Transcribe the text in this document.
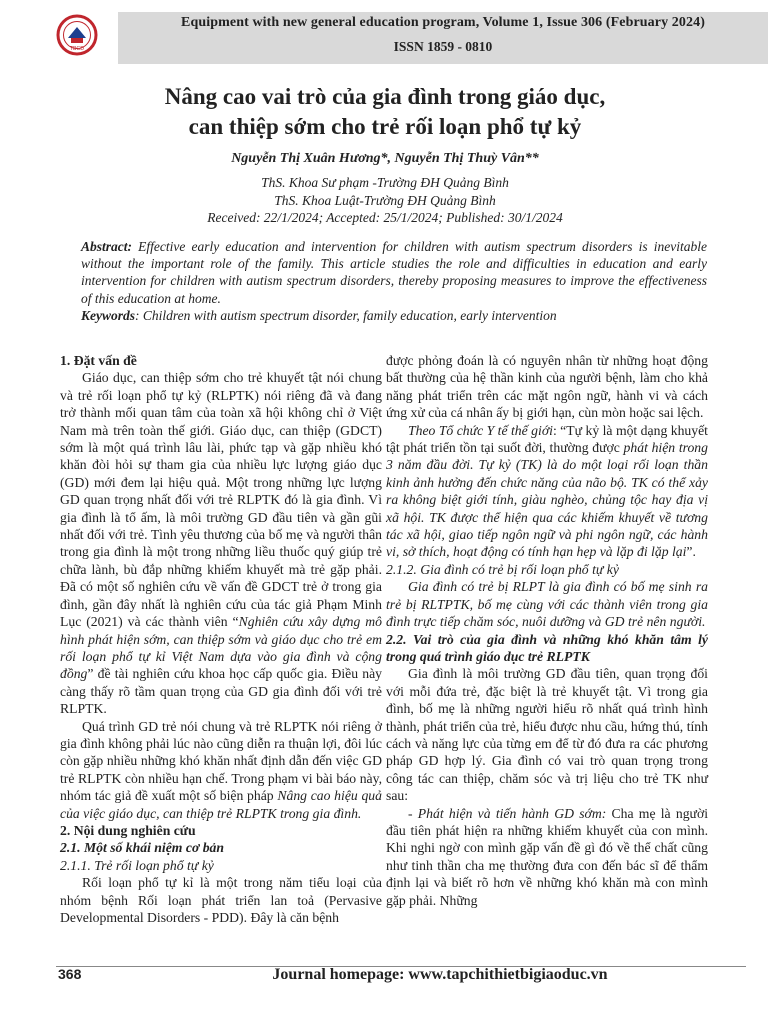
TBGD
Equipment with new general education program, Volume 1, Issue 306 (February 2024)
ISSN 1859 - 0810
Nâng cao vai trò của gia đình trong giáo dục,
can thiệp sớm cho trẻ rối loạn phổ tự kỷ
Nguyễn Thị Xuân Hương*, Nguyễn Thị Thuỳ Vân**
ThS. Khoa Sư phạm -Trường ĐH Quảng Bình
ThS. Khoa Luật-Trường ĐH Quảng Bình
Received: 22/1/2024; Accepted: 25/1/2024; Published: 30/1/2024

Abstract: Effective early education and intervention for children with autism spectrum disorders is inevitable without the important role of the family. This article studies the role and difficulties in education and early intervention for children with autism spectrum disorders, thereby proposing measures to improve the effectiveness of this education at home.

Keywords: Children with autism spectrum disorder, family education, early intervention

1. Đặt vấn đề

Giáo dục, can thiệp sớm cho trẻ khuyết tật nói chung và trẻ rối loạn phổ tự kỷ (RLPTK) nói riêng đã và đang trở thành mối quan tâm của toàn xã hội không chỉ ở Việt Nam mà trên toàn thế giới. Giáo dục, can thiệp (GDCT) sớm là một quá trình lâu lài, phức tạp và gặp nhiều khó khăn đòi hỏi sự tham gia của nhiều lực lượng giáo dục (GD) mới đem lại hiệu quả. Một trong những lực lượng GD quan trọng nhất đối với trẻ RLPTK đó là gia đình. Vì gia đình là tổ ấm, là môi trường GD đầu tiên và gần gũi nhất đối với trẻ. Tình yêu thương của bố mẹ và người thân trong gia đình là một trong những liều thuốc quý giúp trẻ chữa lành, bù đắp những khiếm khuyết mà trẻ gặp phải. Đã có một số nghiên cứu về vấn đề GDCT trẻ ở trong gia đình, gần đây nhất là nghiên cứu của tác giả Phạm Minh Lục (2021) và các thành viên “Nghiên cứu xây dựng mô hình phát hiện sớm, can thiệp sớm và giáo dục cho trẻ em rối loạn phổ tự kỉ Việt Nam dựa vào gia đình và cộng đồng” đề tài nghiên cứu khoa học cấp quốc gia. Điều này càng thấy rõ tầm quan trọng của GD gia đình đối với trẻ RLPTK.

Quá trình GD trẻ nói chung và trẻ RLPTK nói riêng ở gia đình không phải lúc nào cũng diễn ra thuận lợi, đôi lúc còn gặp nhiều những khó khăn nhất định dẫn đến việc GD trẻ RLPTK còn nhiều hạn chế. Trong phạm vi bài báo này, nhóm tác giả đề xuất một số biện pháp Nâng cao hiệu quả của việc giáo dục, can thiệp trẻ RLPTK trong gia đình.

2. Nội dung nghiên cứu

2.1. Một số khái niệm cơ bản

2.1.1. Trẻ rối loạn phổ tự kỷ

Rối loạn phổ tự kỉ là một trong năm tiểu loại của nhóm bệnh Rối loạn phát triển lan toả (Pervasive Developmental Disorders - PDD). Đây là căn bệnh

được phỏng đoán là có nguyên nhân từ những hoạt động bất thường của hệ thần kinh của người bệnh, làm cho khả năng phát triển trên các mặt ngôn ngữ, hành vi và cách ứng xử của cá nhân ấy bị giới hạn, cùn mòn hoặc sai lệch.

Theo Tổ chức Y tế thế giới: “Tự kỷ là một dạng khuyết tật phát triển tồn tại suốt đời, thường được phát hiện trong 3 năm đầu đời. Tự kỷ (TK) là do một loại rối loạn thần kinh ảnh hưởng đến chức năng của não bộ. TK có thể xảy ra không biệt giới tính, giàu nghèo, chủng tộc hay địa vị xã hội. TK được thể hiện qua các khiếm khuyết về tương tác xã hội, giao tiếp ngôn ngữ và phi ngôn ngữ, các hành vi, sở thích, hoạt động có tính hạn hẹp và lặp đi lặp lại”.

2.1.2. Gia đình có trẻ bị rối loạn phổ tự kỷ

Gia đình có trẻ bị RLPT là gia đình có bố mẹ sinh ra trẻ bị RLTPTK, bố mẹ cùng với các thành viên trong gia đình trực tiếp chăm sóc, nuôi dưỡng và GD trẻ nên người.

2.2. Vai trò của gia đình và những khó khăn tâm lý trong quá trình giáo dục trẻ RLPTK

Gia đình là môi trường GD đầu tiên, quan trọng đối với mỗi đứa trẻ, đặc biệt là trẻ khuyết tật. Vì trong gia đình, bố mẹ là những người hiểu rõ nhất quá trình hình thành, phát triển của trẻ, hiểu được nhu cầu, hứng thú, tính cách và năng lực của từng em để từ đó đưa ra các phương pháp GD hợp lý. Gia đình có vai trò quan trọng trong công tác can thiệp, chăm sóc và trị liệu cho trẻ TK như sau:

- Phát hiện và tiến hành GD sớm: Cha mẹ là người đầu tiên phát hiện ra những khiếm khuyết của con mình. Khi nghi ngờ con mình gặp vấn đề gì đó về thể chất cũng như tinh thần cha mẹ thường đưa con đến bác sĩ để thẩm định lại và biết rõ hơn về những khó khăn mà con mình gặp phải. Những

368	Journal homepage: www.tapchithietbigiaoduc.vn
